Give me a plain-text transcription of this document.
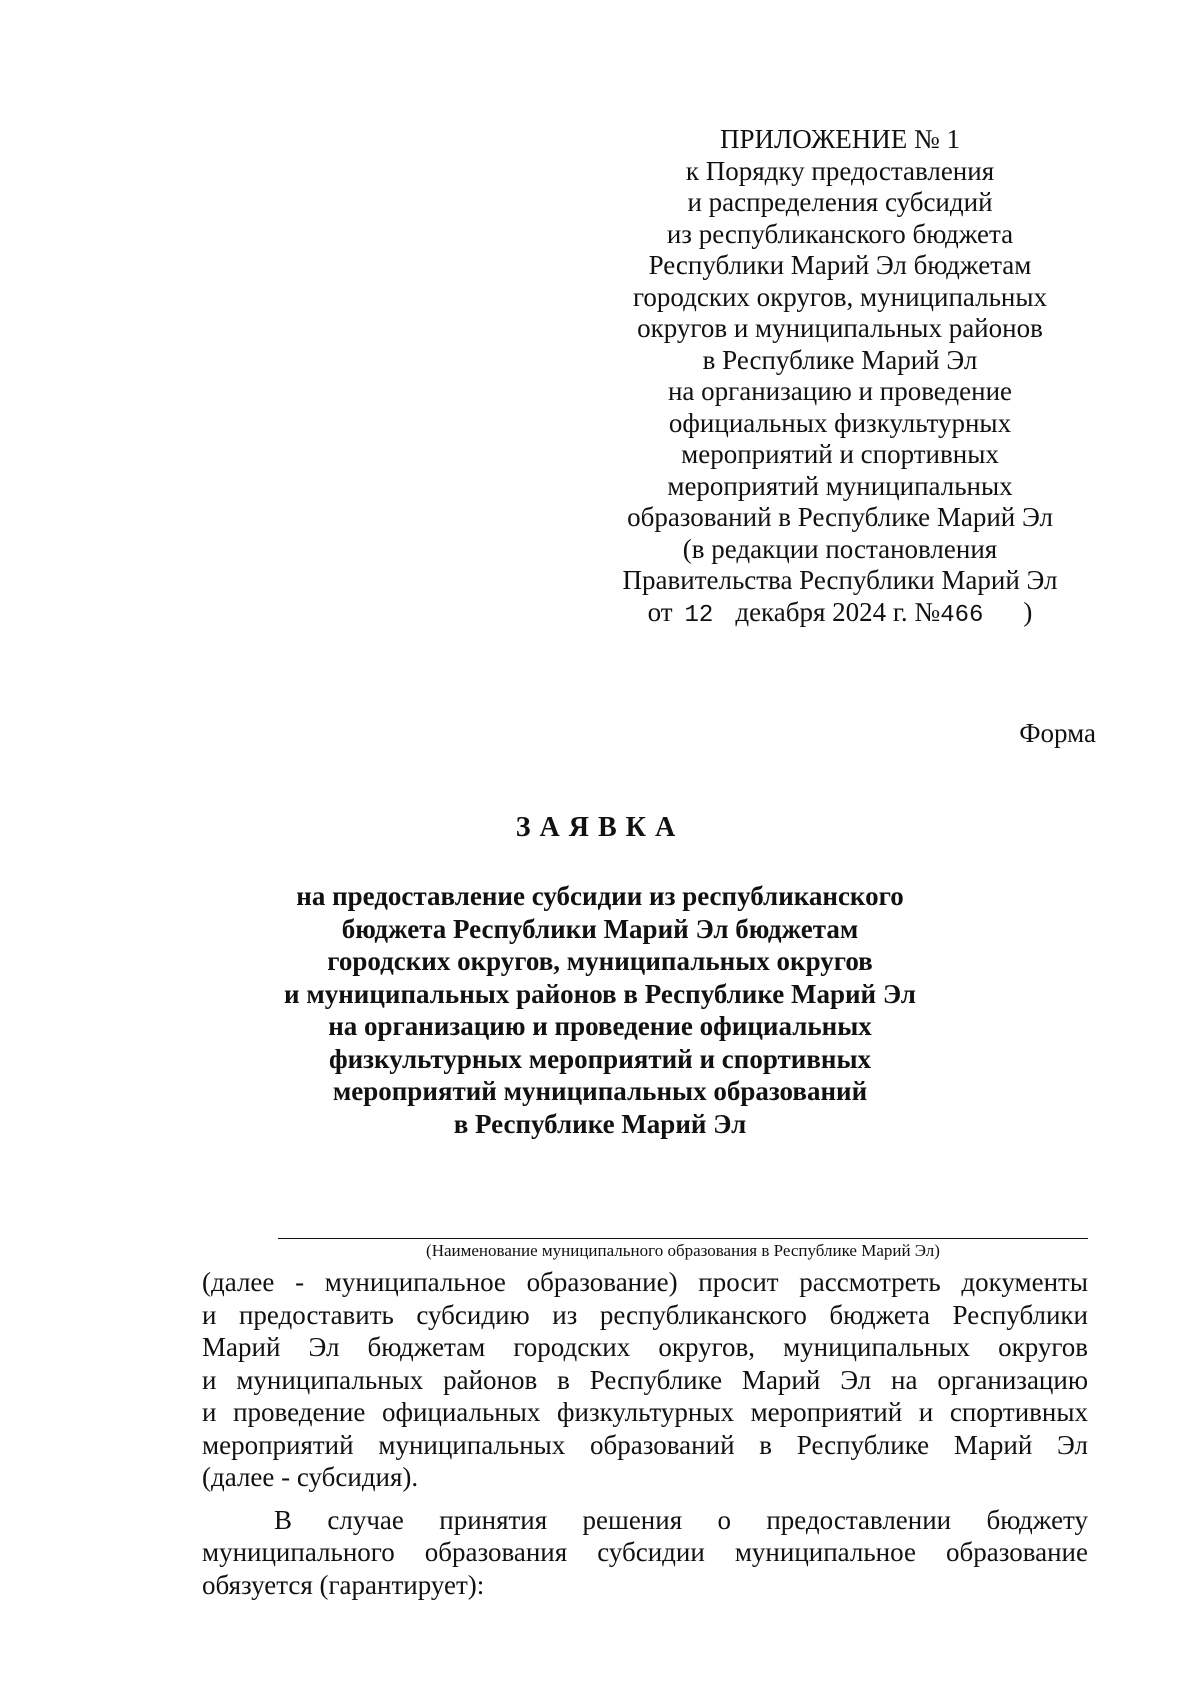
ПРИЛОЖЕНИЕ № 1
к Порядку предоставления
и распределения субсидий
из республиканского бюджета
Республики Марий Эл бюджетам
городских округов, муниципальных
округов и муниципальных районов
в Республике Марий Эл
на организацию и проведение
официальных физкультурных
мероприятий и спортивных
мероприятий муниципальных
образований в Республике Марий Эл
(в редакции постановления
Правительства Республики Марий Эл
от 12 декабря 2024 г. №466 )
Форма
ЗАЯВКА
на предоставление субсидии из республиканского
бюджета Республики Марий Эл бюджетам
городских округов, муниципальных округов
и муниципальных районов в Республике Марий Эл
на организацию и проведение официальных
физкультурных мероприятий и спортивных
мероприятий муниципальных образований
в Республике Марий Эл
(Наименование муниципального образования в Республике Марий Эл)
(далее - муниципальное образование) просит рассмотреть документы
и предоставить субсидию из республиканского бюджета Республики
Марий Эл бюджетам городских округов, муниципальных округов
и муниципальных районов в Республике Марий Эл на организацию
и проведение официальных физкультурных мероприятий и спортивных
мероприятий муниципальных образований в Республике Марий Эл
(далее - субсидия).
В случае принятия решения о предоставлении бюджету
муниципального образования субсидии муниципальное образование
обязуется (гарантирует):
